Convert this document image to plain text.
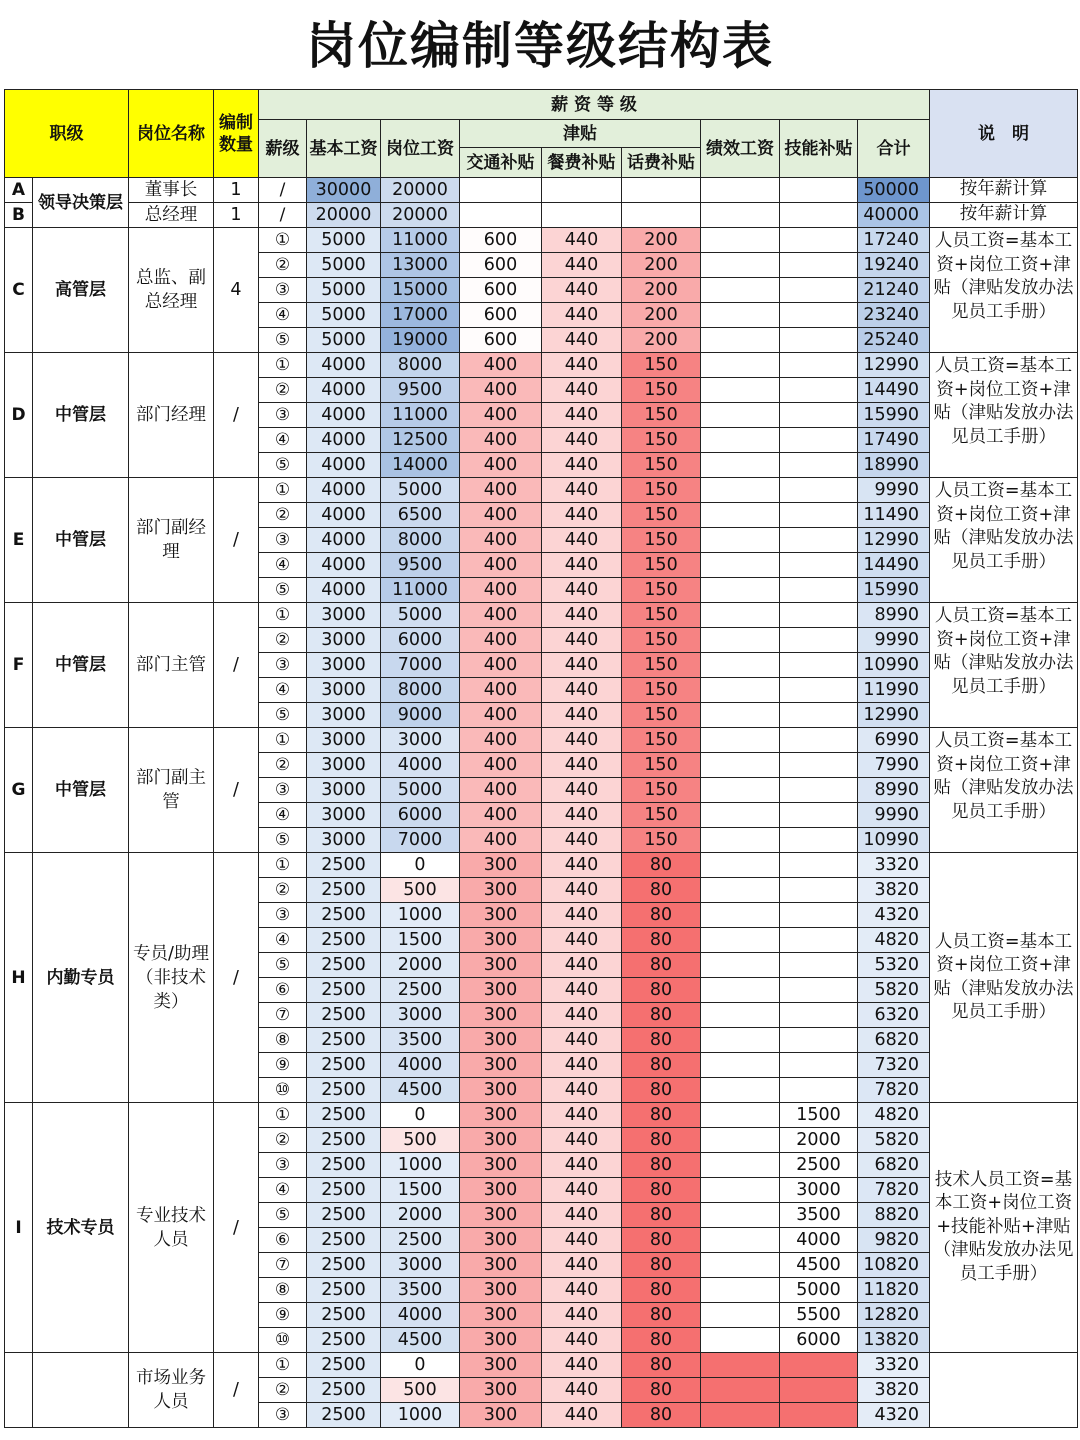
岗位编制等级结构表
职级		岗位名称	编制数量	薪 资 等 级									说　明
				薪级	基本工资	岗位工资	津贴			绩效工资	技能补贴	合计	
							交通补贴	餐费补贴	话费补贴				
A	领导决策层	董事长	1	/	30000	20000						50000	按年薪计算
B		总经理	1	/	20000	20000						40000	按年薪计算
C	高管层	总监、副总经理	4	①	5000	11000	600	440	200			17240	人员工资=基本工资+岗位工资+津贴（津贴发放办法见员工手册）
				②	5000	13000	600	440	200			19240	
				③	5000	15000	600	440	200			21240	
				④	5000	17000	600	440	200			23240	
				⑤	5000	19000	600	440	200			25240	
D	中管层	部门经理	/	①	4000	8000	400	440	150			12990	人员工资=基本工资+岗位工资+津贴（津贴发放办法见员工手册）
				②	4000	9500	400	440	150			14490	
				③	4000	11000	400	440	150			15990	
				④	4000	12500	400	440	150			17490	
				⑤	4000	14000	400	440	150			18990	
E	中管层	部门副经理	/	①	4000	5000	400	440	150			9990	人员工资=基本工资+岗位工资+津贴（津贴发放办法见员工手册）
				②	4000	6500	400	440	150			11490	
				③	4000	8000	400	440	150			12990	
				④	4000	9500	400	440	150			14490	
				⑤	4000	11000	400	440	150			15990	
F	中管层	部门主管	/	①	3000	5000	400	440	150			8990	人员工资=基本工资+岗位工资+津贴（津贴发放办法见员工手册）
				②	3000	6000	400	440	150			9990	
				③	3000	7000	400	440	150			10990	
				④	3000	8000	400	440	150			11990	
				⑤	3000	9000	400	440	150			12990	
G	中管层	部门副主管	/	①	3000	3000	400	440	150			6990	人员工资=基本工资+岗位工资+津贴（津贴发放办法见员工手册）
				②	3000	4000	400	440	150			7990	
				③	3000	5000	400	440	150			8990	
				④	3000	6000	400	440	150			9990	
				⑤	3000	7000	400	440	150			10990	
H	内勤专员	专员/助理（非技术类）	/	①	2500	0	300	440	80			3320	人员工资=基本工资+岗位工资+津贴（津贴发放办法见员工手册）
				②	2500	500	300	440	80			3820	
				③	2500	1000	300	440	80			4320	
				④	2500	1500	300	440	80			4820	
				⑤	2500	2000	300	440	80			5320	
				⑥	2500	2500	300	440	80			5820	
				⑦	2500	3000	300	440	80			6320	
				⑧	2500	3500	300	440	80			6820	
				⑨	2500	4000	300	440	80			7320	
				⑩	2500	4500	300	440	80			7820	
I	技术专员	专业技术人员	/	①	2500	0	300	440	80		1500	4820	技术人员工资=基本工资+岗位工资+技能补贴+津贴（津贴发放办法见员工手册）
				②	2500	500	300	440	80		2000	5820	
				③	2500	1000	300	440	80		2500	6820	
				④	2500	1500	300	440	80		3000	7820	
				⑤	2500	2000	300	440	80		3500	8820	
				⑥	2500	2500	300	440	80		4000	9820	
				⑦	2500	3000	300	440	80		4500	10820	
				⑧	2500	3500	300	440	80		5000	11820	
				⑨	2500	4000	300	440	80		5500	12820	
				⑩	2500	4500	300	440	80		6000	13820	
		市场业务人员	/	①	2500	0	300	440	80			3320	
				②	2500	500	300	440	80			3820	
				③	2500	1000	300	440	80			4320	
